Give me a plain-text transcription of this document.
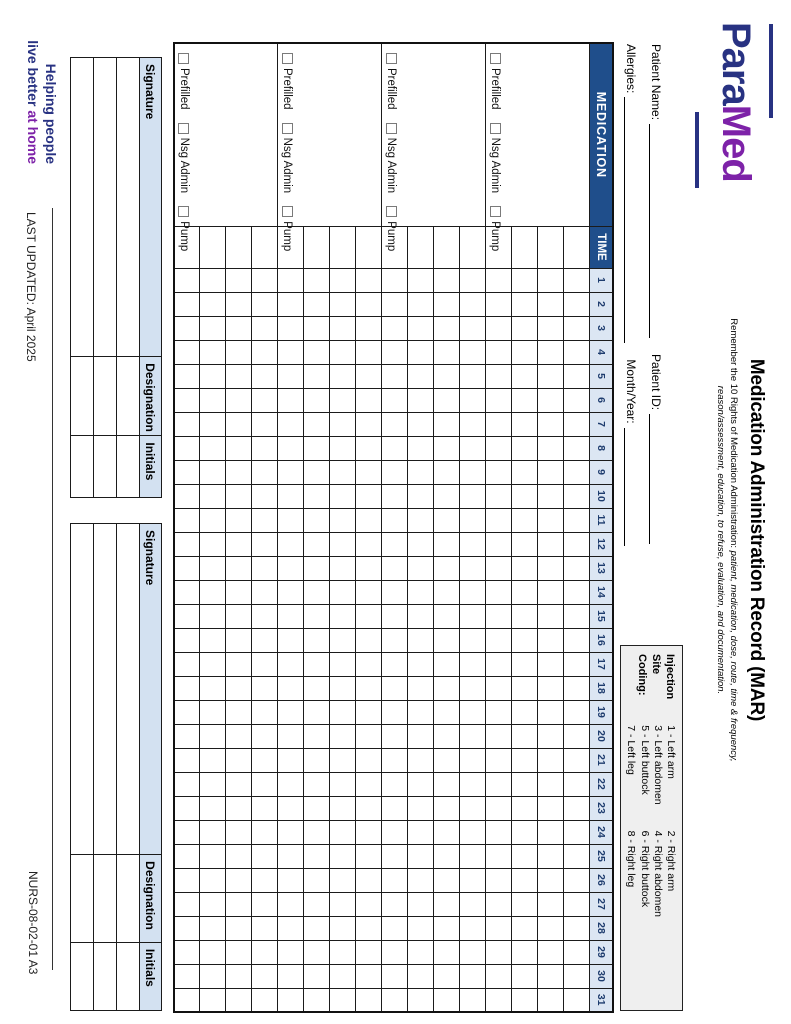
ParaMed
Medication Administration Record (MAR)
Remember the 10 Rights of Medication Administration: patient, medication, dose, route, time & frequency,
reason/assessment, education, to refuse, evaluation, and documentation.
Injection
Site
Coding:
1 - Left arm
3 - Left abdomen
5 - Left buttock
7 - Left leg
2 - Right arm
4 - Right abdomen
6 - Right buttock
8 - Right leg
Patient Name:
Patient ID:
Allergies:
Month/Year:
MEDICATION	TIME	1	2	3	4	5	6	7	8	9	10	11	12	13	14	15	16	17	18	19	20	21	22	23	24	25	26	27	28	29	30	31

Prefilled
Nsg Admin
Pump																																

Prefilled
Nsg Admin
Pump																																

Prefilled
Nsg Admin
Pump																																

Prefilled
Nsg Admin
Pump																																

Signature	Designation	Initials

Signature	Designation	Initials

Helping people
live better at home
LAST UPDATED: April 2025
NURS-08-02-01 A3
